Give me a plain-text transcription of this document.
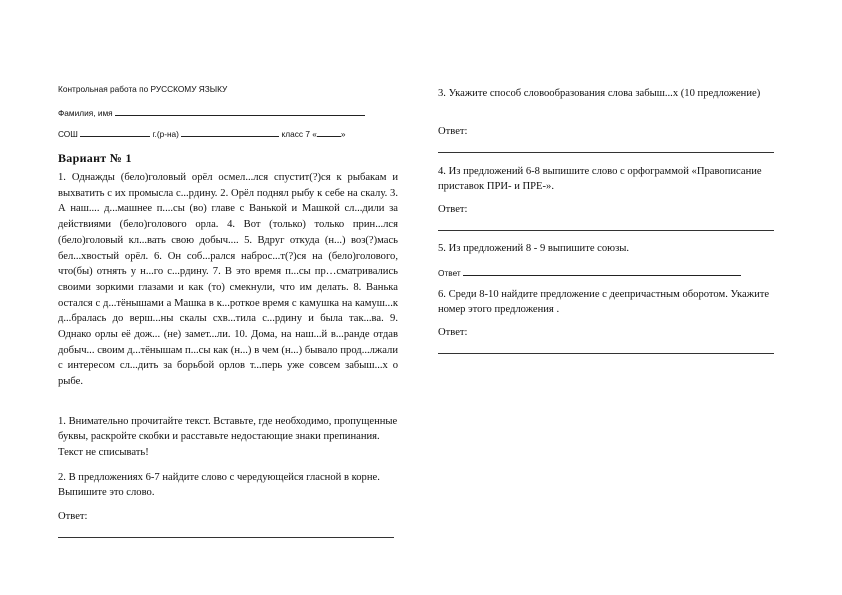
Контрольная работа по РУССКОМУ ЯЗЫКУ
Фамилия, имя
СОШ	г.(р-на)	класс 7 «	»
Вариант № 1
1. Однажды (бело)головый орёл осмел...лся спустит(?)ся к рыбакам и выхватить с их промысла с...рдину. 2. Орёл поднял рыбу к себе на скалу. 3. А наш.... д...машнее п....сы (во) главе с Ванькой и Машкой сл...дили за действиями (бело)голового орла. 4. Вот (только) только прин...лся (бело)головый кл...вать свою добыч.... 5. Вдруг откуда (н...) воз(?)мась бел...хвостый орёл. 6. Он соб...рался наброс...т(?)ся на (бело)голового, что(бы) отнять у н...го с...рдину. 7. В это время п...сы пр…сматривались своими зоркими глазами и как (то) смекнули, что им делать. 8. Ванька остался с д...тёнышами а Машка в к...роткое время с камушка на камуш...к д...бралась до верш...ны скалы схв...тила с...рдину и была так...ва. 9. Однако орлы её дож... (не) замет...ли. 10. Дома, на наш...й в...ранде отдав добыч... своим д...тёнышам п...сы как (н...) в чем (н...) бывало прод...лжали с интересом сл...дить за борьбой орлов т...перь уже совсем забыш...х о рыбе.
1. Внимательно прочитайте текст. Вставьте, где необходимо, пропущенные буквы, раскройте скобки и расставьте недостающие знаки препинания. Текст не списывать!
2. В предложениях 6-7 найдите слово с чередующейся гласной в корне. Выпишите это слово.
Ответ:
3. Укажите способ словообразования слова забыш...х (10 предложение)
Ответ:
4. Из предложений 6-8 выпишите слово с орфограммой «Правописание приставок ПРИ- и ПРЕ-».
Ответ:
5. Из предложений 8 - 9 выпишите союзы.
Ответ
6. Среди 8-10 найдите предложение с деепричастным оборотом. Укажите номер этого предложения .
Ответ:
